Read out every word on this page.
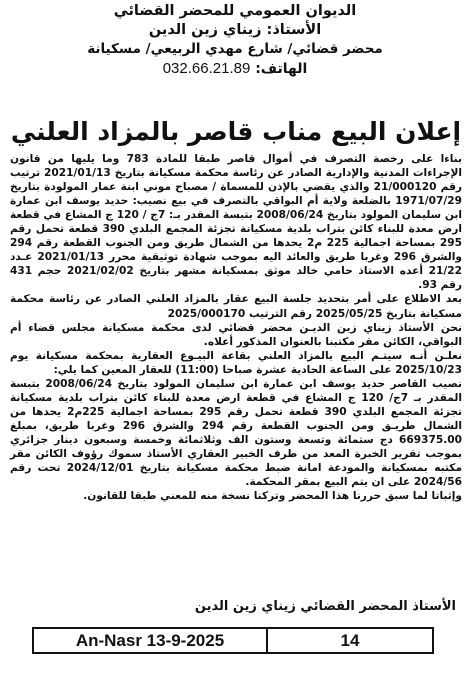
الديوان العمومي للمحضر القضائي
الأستاذ: زيناي زين الدين
محضر قضائي/ شارع مهدي الربيعي/ مسكيانة
الهاتف: 032.66.21.89
إعلان البيع مناب قاصر بالمزاد العلني

بناءا على رخصة التصرف في أموال قاصر طبقا للمادة 783 وما يليها من قانون الإجراءات المدنية والإدارية الصادر عن رئاسة محكمة مسكيانة بتاريخ 2021/01/13 ترتيب رقم 21/000120 والذي يقضي بالإذن للمسماة / مصباح موني ابنة عمار المولودة بتاريخ 1971/07/29 بالضلعة ولاية أم البواقي بالتصرف في بيع نصيب: حديد يوسف ابن عمارة ابن سليمان المولود بتاريخ 2008/06/24 بتبسة المقدر بـ: 7ج / 120 ج المشاع في قطعة ارض معدة للبناء كائن بتراب بلدية مسكيانة تجزئة المجمع البلدي 390 قطعة تحمل رقم 295 بمساحة اجمالية 225 م2 يحدها من الشمال طريق ومن الجنوب القطعة رقم 294 والشرق 296 وغربا طريق والعائد اليه بموجب شهادة توثيقية محرر 2021/01/13 عـدد 21/22 أعده الاستاذ حامي خالد موثق بمسكيانة مشهر بتاريخ 2021/02/02 حجم 431 رقم 93.

بعد الاطلاع على أمر بتحديد جلسة البيع عقار بالمزاد العلني الصادر عن رئاسة محكمة مسكيانة بتاريخ 2025/05/25 رقم الترتيب 2025/000170

نحن الأستاذ زيناي زين الديـن محضر قضائي لدى محكمة مسكيانة مجلس قضاء أم البواقي، الكائن مقر مكتبنا بالعنوان المذكور أعلاه.

نعلـن أنـه سيتـم البيع بالمزاد العلني بقاعة البيـوع العقارية بمحكمة مسكيانة يوم 2025/10/23 على الساعة الحادية عشرة صباحا (11:00) للعقار المعين كما يلي:

نصيب القاصر حديد يوسف ابن عمارة ابن سليمان المولود بتاريخ 2008/06/24 بتبسة المقدر بـ 7ج/ 120 ج المشاع في قطعة ارض معدة للبناء كائن بتراب بلدية مسكيانة تجزئة المجمع البلدي 390 قطعة تحمل رقم 295 بمساحة اجمالية 225م2 يحدها من الشمال طريـق ومن الجنوب القطعة رقم 294 والشرق 296 وغربا طريق، بمبلغ 669375.00 دج ستمائة وتسعة وستون الف وثلاثمائة وخمسة وسبعون دينار جزائري بموجب تقرير الخبرة المعد من طرف الخبير العقاري الأستاذ سموك رؤوف الكائن مقر مكتبه بمسكيانة والمودعة امانة ضبط محكمة مسكيانة بتاريخ 2024/12/01 تحت رقم 2024/56 على ان يتم البيع بمقر المحكمة.

وإثباتا لما سبق حررنا هذا المحضر وتركنا نسخة منه للمعني طبقا للقانون.

الأستاذ المحضر القضائي زيناي زين الدين
An-Nasr 13-9-2025	14
